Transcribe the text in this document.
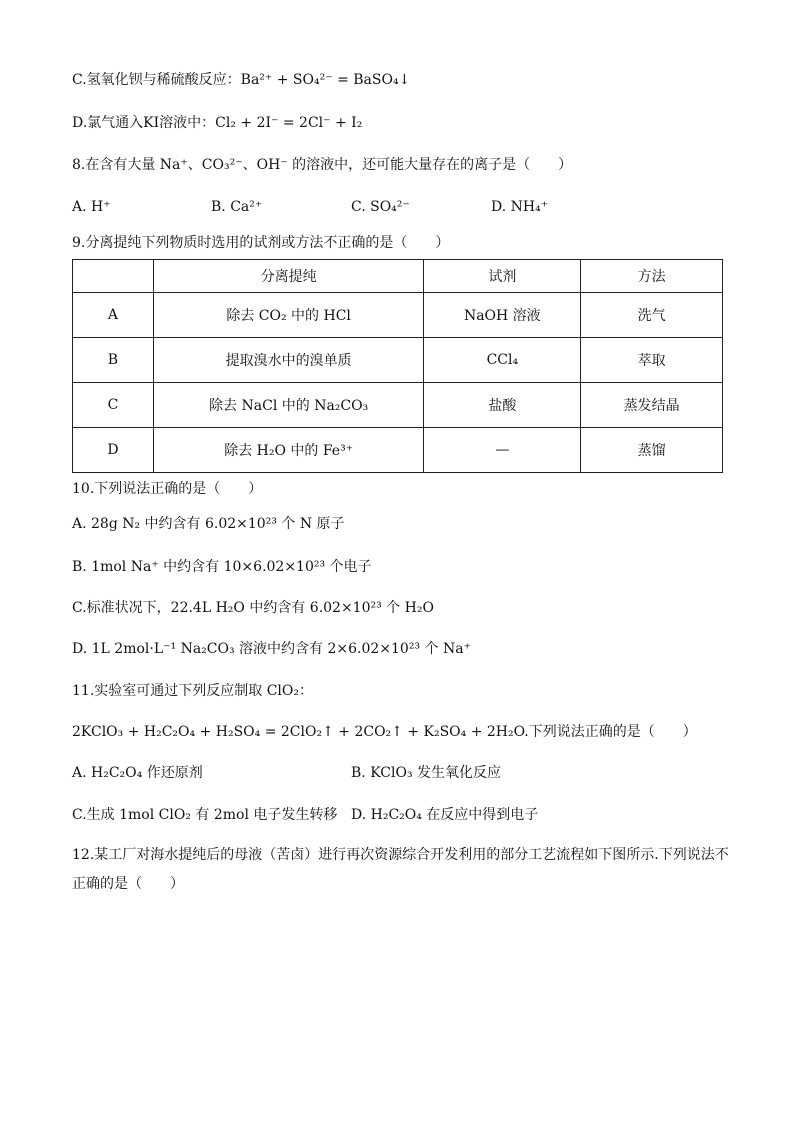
C.氢氧化钡与稀硫酸反应：Ba²⁺ + SO₄²⁻ = BaSO₄↓
D.氯气通入KI溶液中：Cl₂ + 2I⁻ = 2Cl⁻ + I₂
8.在含有大量 Na⁺、CO₃²⁻、OH⁻ 的溶液中，还可能大量存在的离子是（　　）
A. H⁺	B. Ca²⁺	C. SO₄²⁻	D. NH₄⁺
9.分离提纯下列物质时选用的试剂或方法不正确的是（　　）
	分离提纯	试剂	方法
A	除去 CO₂ 中的 HCl	NaOH 溶液	洗气
B	提取溴水中的溴单质	CCl₄	萃取
C	除去 NaCl 中的 Na₂CO₃	盐酸	蒸发结晶
D	除去 H₂O 中的 Fe³⁺	—	蒸馏
10.下列说法正确的是（　　）
A. 28g N₂ 中约含有 6.02×10²³ 个 N 原子
B. 1mol Na⁺ 中约含有 10×6.02×10²³ 个电子
C.标准状况下，22.4L H₂O 中约含有 6.02×10²³ 个 H₂O
D. 1L 2mol·L⁻¹ Na₂CO₃ 溶液中约含有 2×6.02×10²³ 个 Na⁺
11.实验室可通过下列反应制取 ClO₂：
2KClO₃ + H₂C₂O₄ + H₂SO₄ = 2ClO₂↑ + 2CO₂↑ + K₂SO₄ + 2H₂O.下列说法正确的是（　　）
A. H₂C₂O₄ 作还原剂	B. KClO₃ 发生氧化反应
C.生成 1mol ClO₂ 有 2mol 电子发生转移 D. H₂C₂O₄ 在反应中得到电子
12.某工厂对海水提纯后的母液（苦卤）进行再次资源综合开发利用的部分工艺流程如下图所示.下列说法不
正确的是（　　）
